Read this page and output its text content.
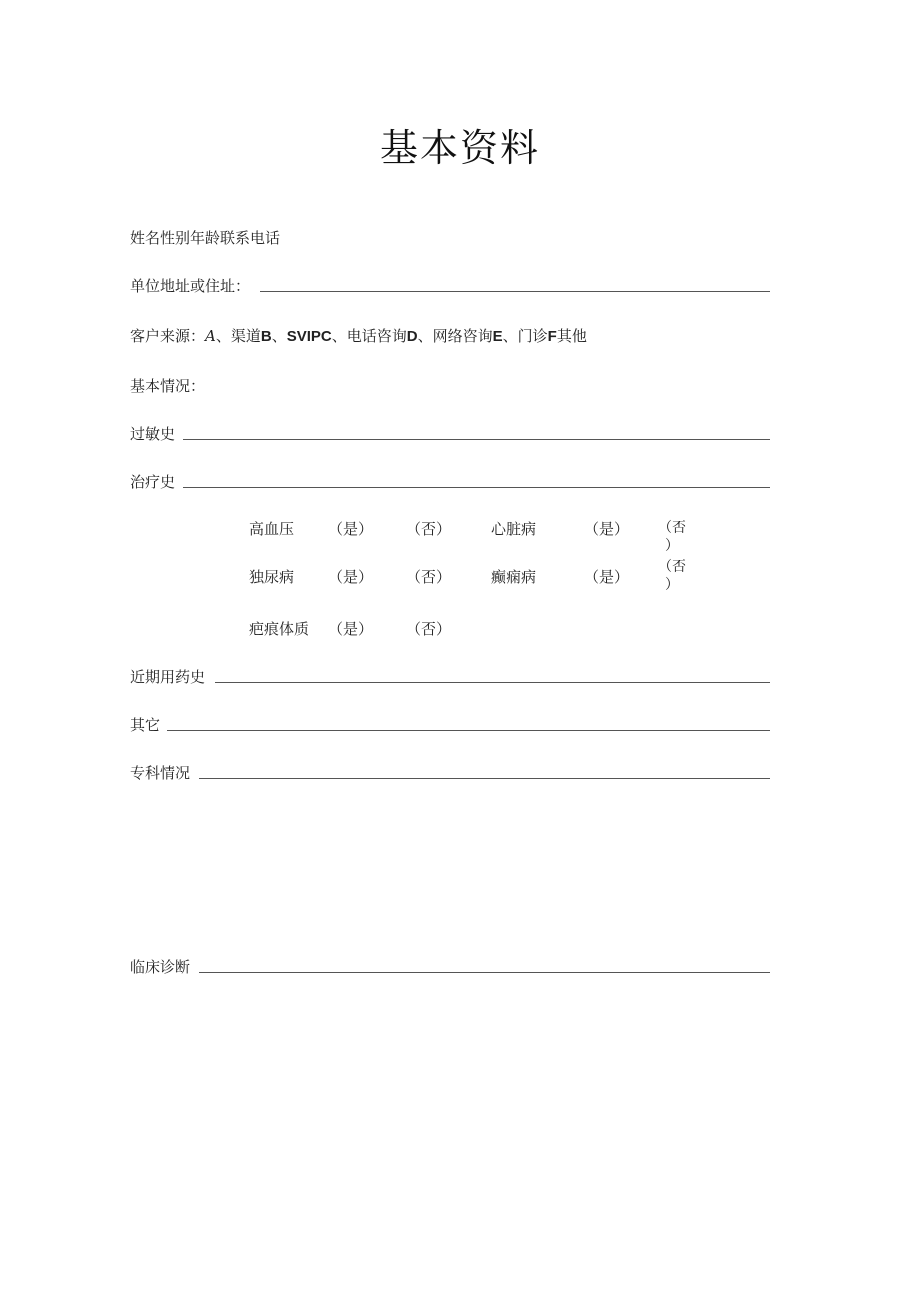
基本资料
姓名性别年龄联系电话
单位地址或住址：
客户来源：A、渠道B、SVIPC、电话咨询D、网络咨询E、门诊F其他
基本情况：
过敏史
治疗史
高血压 （是） （否）	心脏病	（是） （否
）
独尿病 （是） （否）	癫痫病	（是）
（否
）
疤痕体质 （是） （否）
近期用药史
其它
专科情况
临床诊断
